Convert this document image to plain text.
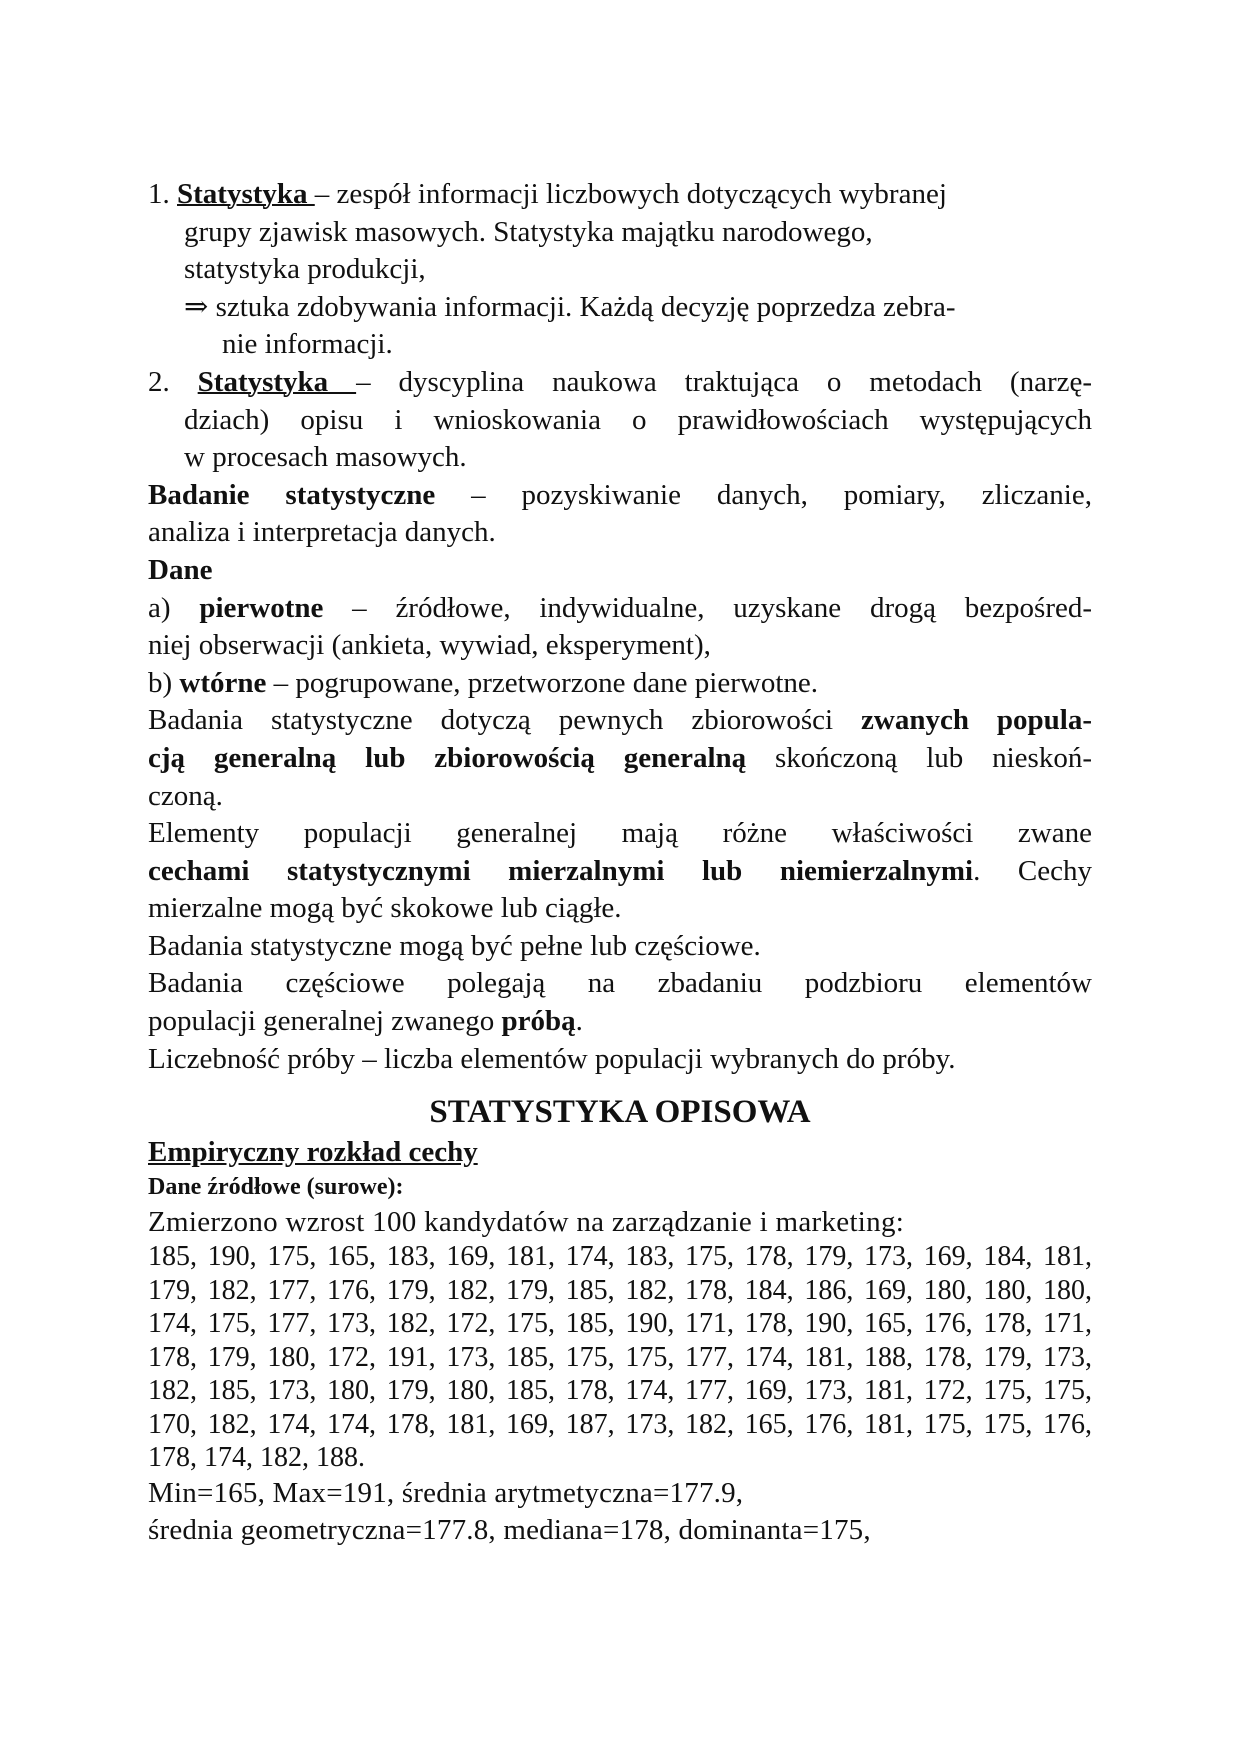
1. Statystyka – zespół informacji liczbowych dotyczących wybranej
grupy zjawisk masowych. Statystyka majątku narodowego,
statystyka produkcji,
⇒ sztuka zdobywania informacji. Każdą decyzję poprzedza zebra-
nie informacji.
2. Statystyka – dyscyplina naukowa traktująca o metodach (narzę-
dziach) opisu i wnioskowania o prawidłowościach występujących
w procesach masowych.
Badanie statystyczne – pozyskiwanie danych, pomiary, zliczanie,
analiza i interpretacja danych.
Dane
a) pierwotne – źródłowe, indywidualne, uzyskane drogą bezpośred-
niej obserwacji (ankieta, wywiad, eksperyment),
b) wtórne – pogrupowane, przetworzone dane pierwotne.
Badania statystyczne dotyczą pewnych zbiorowości zwanych popula-
cją generalną lub zbiorowością generalną skończoną lub nieskoń-
czoną.
Elementy populacji generalnej mają różne właściwości zwane
cechami statystycznymi mierzalnymi lub niemierzalnymi. Cechy
mierzalne mogą być skokowe lub ciągłe.
Badania statystyczne mogą być pełne lub częściowe.
Badania częściowe polegają na zbadaniu podzbioru elementów
populacji generalnej zwanego próbą.
Liczebność próby – liczba elementów populacji wybranych do próby.
STATYSTYKA OPISOWA
Empiryczny rozkład cechy
Dane źródłowe (surowe):
Zmierzono wzrost 100 kandydatów na zarządzanie i marketing:
185, 190, 175, 165, 183, 169, 181, 174, 183, 175, 178, 179, 173, 169, 184, 181,
179, 182, 177, 176, 179, 182, 179, 185, 182, 178, 184, 186, 169, 180, 180, 180,
174, 175, 177, 173, 182, 172, 175, 185, 190, 171, 178, 190, 165, 176, 178, 171,
178, 179, 180, 172, 191, 173, 185, 175, 175, 177, 174, 181, 188, 178, 179, 173,
182, 185, 173, 180, 179, 180, 185, 178, 174, 177, 169, 173, 181, 172, 175, 175,
170, 182, 174, 174, 178, 181, 169, 187, 173, 182, 165, 176, 181, 175, 175, 176,
178, 174, 182, 188.
Min=165, Max=191, średnia arytmetyczna=177.9,
średnia geometryczna=177.8, mediana=178, dominanta=175,
